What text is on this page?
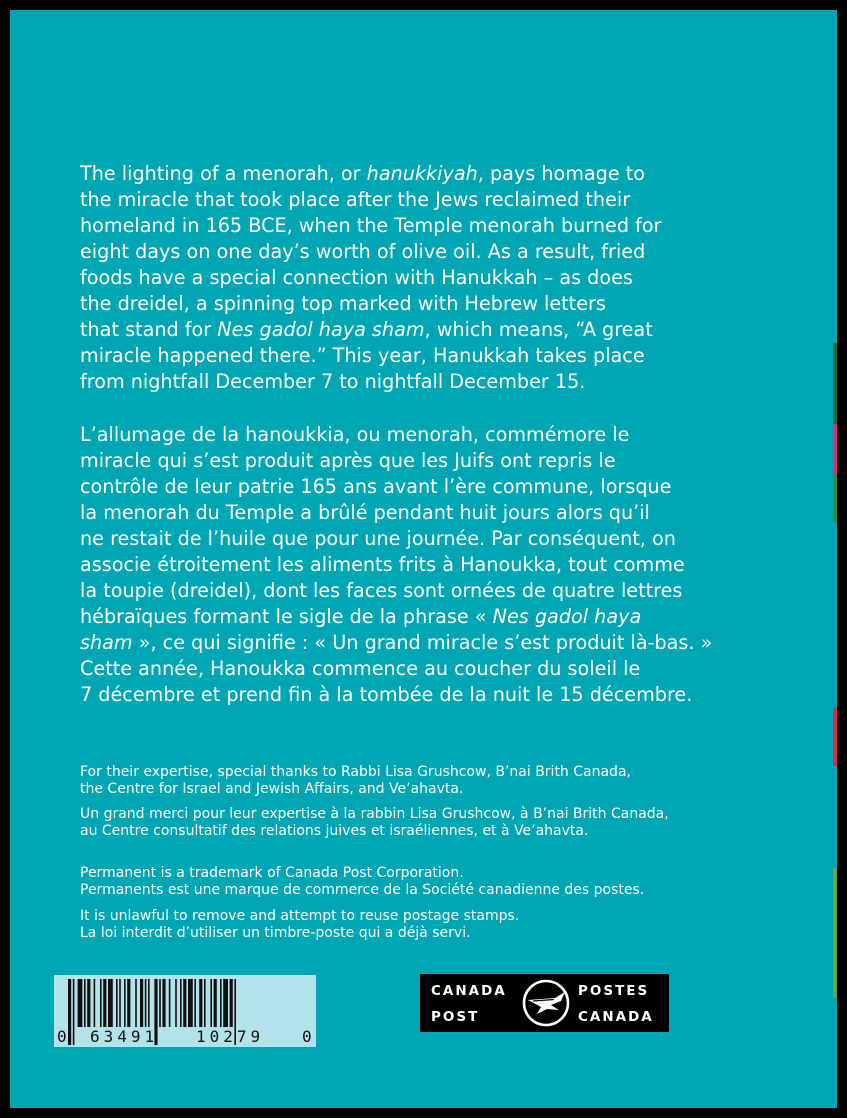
The lighting of a menorah, or hanukkiyah, pays homage to
the miracle that took place after the Jews reclaimed their
homeland in 165 BCE, when the Temple menorah burned for
eight days on one day’s worth of olive oil. As a result, fried
foods have a special connection with Hanukkah – as does
the dreidel, a spinning top marked with Hebrew letters
that stand for Nes gadol haya sham, which means, “A great
miracle happened there.” This year, Hanukkah takes place
from nightfall December 7 to nightfall December 15.
L’allumage de la hanoukkia, ou menorah, commémore le
miracle qui s’est produit après que les Juifs ont repris le
contrôle de leur patrie 165 ans avant l’ère commune, lorsque
la menorah du Temple a brûlé pendant huit jours alors qu’il
ne restait de l’huile que pour une journée. Par conséquent, on
associe étroitement les aliments frits à Hanoukka, tout comme
la toupie (dreidel), dont les faces sont ornées de quatre lettres
hébraïques formant le sigle de la phrase « Nes gadol haya
sham », ce qui signifie : « Un grand miracle s’est produit là-bas. »
Cette année, Hanoukka commence au coucher du soleil le
7 décembre et prend fin à la tombée de la nuit le 15 décembre.
For their expertise, special thanks to Rabbi Lisa Grushcow, B’nai Brith Canada,
the Centre for Israel and Jewish Affairs, and Ve’ahavta.
Un grand merci pour leur expertise à la rabbin Lisa Grushcow, à B’nai Brith Canada,
au Centre consultatif des relations juives et israéliennes, et à Ve’ahavta.
Permanent is a trademark of Canada Post Corporation.
Permanents est une marque de commerce de la Société canadienne des postes.
It is unlawful to remove and attempt to reuse postage stamps.
La loi interdit d’utiliser un timbre-poste qui a déjà servi.
0 63491 10279 0
CANADA	POSTES
POST	CANADA
